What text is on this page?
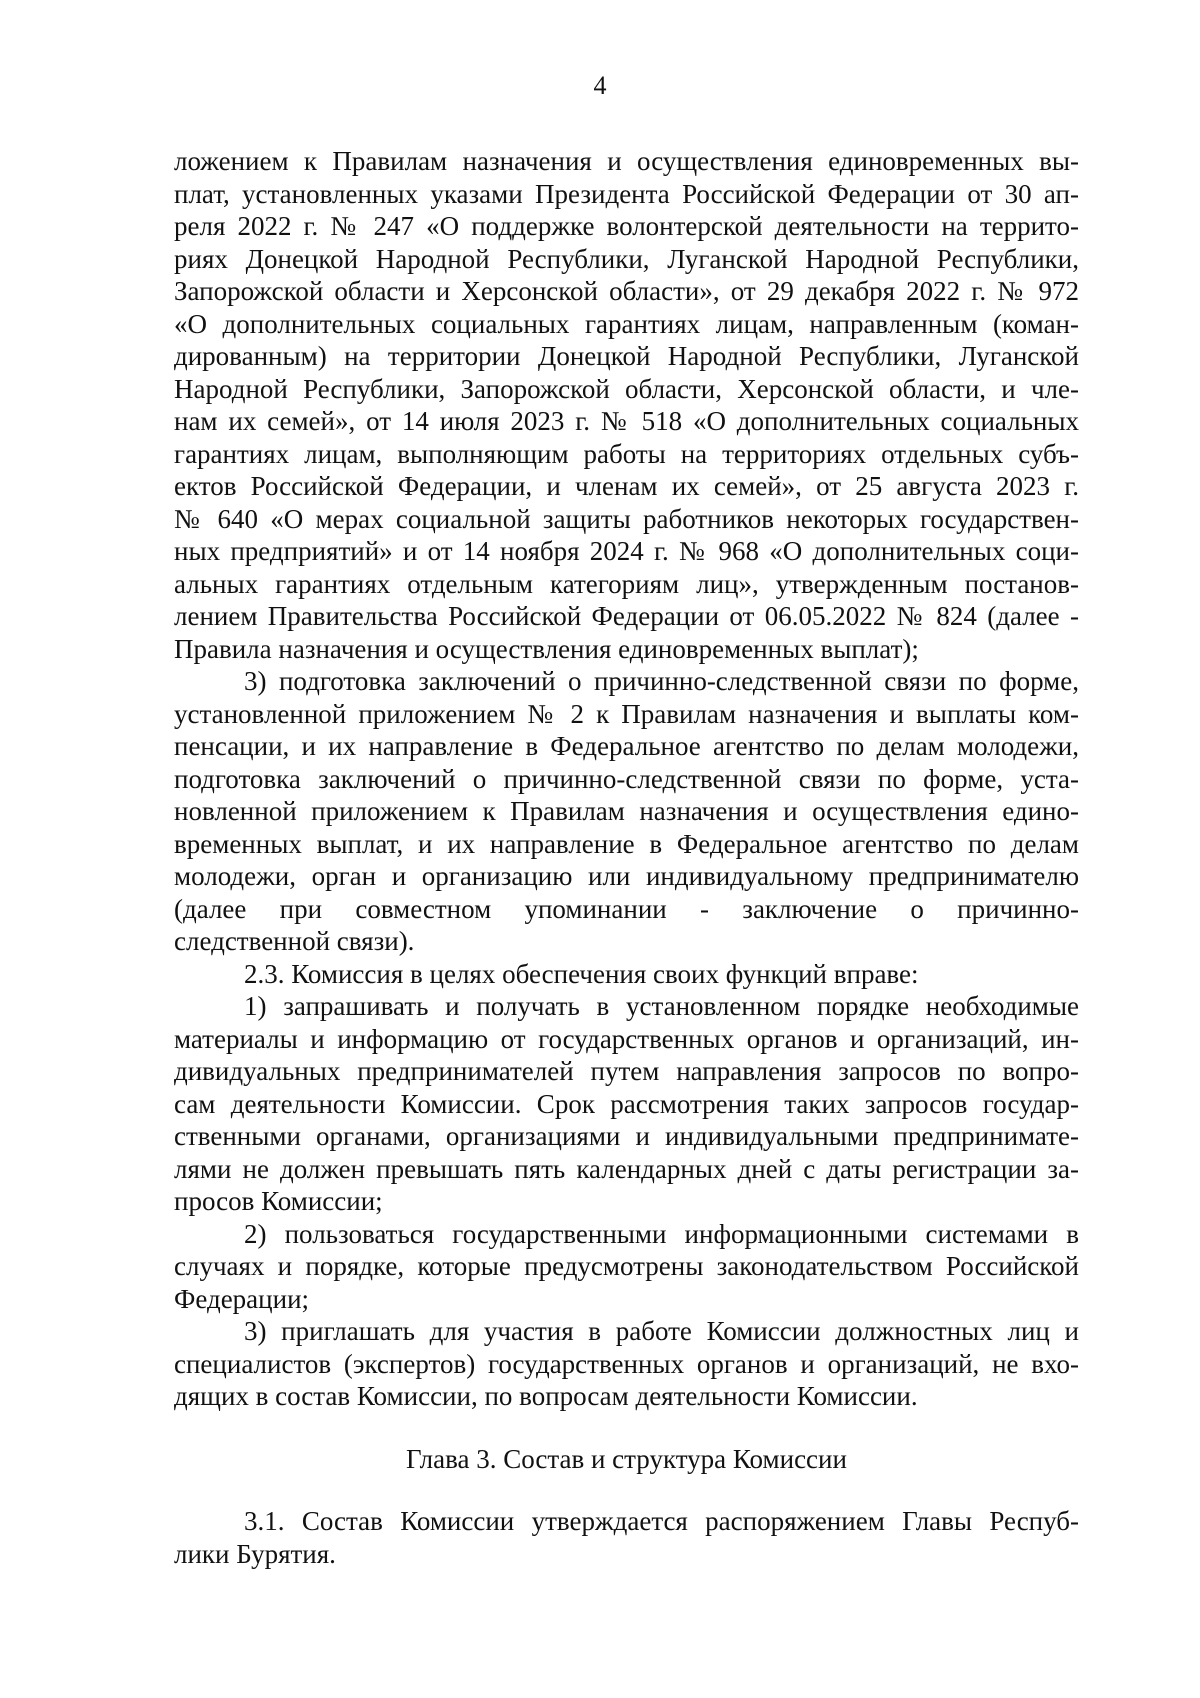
4
ложением к Правилам назначения и осуществления единовременных вы-
плат, установленных указами Президента Российской Федерации от 30 ап-
реля 2022 г. № 247 «О поддержке волонтерской деятельности на террито-
риях Донецкой Народной Республики, Луганской Народной Республики,
Запорожской области и Херсонской области», от 29 декабря 2022 г. № 972
«О дополнительных социальных гарантиях лицам, направленным (коман-
дированным) на территории Донецкой Народной Республики, Луганской
Народной Республики, Запорожской области, Херсонской области, и чле-
нам их семей», от 14 июля 2023 г. № 518 «О дополнительных социальных
гарантиях лицам, выполняющим работы на территориях отдельных субъ-
ектов Российской Федерации, и членам их семей», от 25 августа 2023 г.
№ 640 «О мерах социальной защиты работников некоторых государствен-
ных предприятий» и от 14 ноября 2024 г. № 968 «О дополнительных соци-
альных гарантиях отдельным категориям лиц», утвержденным постанов-
лением Правительства Российской Федерации от 06.05.2022 № 824 (далее -
Правила назначения и осуществления единовременных выплат);
3) подготовка заключений о причинно-следственной связи по форме,
установленной приложением № 2 к Правилам назначения и выплаты ком-
пенсации, и их направление в Федеральное агентство по делам молодежи,
подготовка заключений о причинно-следственной связи по форме, уста-
новленной приложением к Правилам назначения и осуществления едино-
временных выплат, и их направление в Федеральное агентство по делам
молодежи, орган и организацию или индивидуальному предпринимателю
(далее при совместном упоминании - заключение о причинно-
следственной связи).
2.3. Комиссия в целях обеспечения своих функций вправе:
1) запрашивать и получать в установленном порядке необходимые
материалы и информацию от государственных органов и организаций, ин-
дивидуальных предпринимателей путем направления запросов по вопро-
сам деятельности Комиссии. Срок рассмотрения таких запросов государ-
ственными органами, организациями и индивидуальными предпринимате-
лями не должен превышать пять календарных дней с даты регистрации за-
просов Комиссии;
2) пользоваться государственными информационными системами в
случаях и порядке, которые предусмотрены законодательством Российской
Федерации;
3) приглашать для участия в работе Комиссии должностных лиц и
специалистов (экспертов) государственных органов и организаций, не вхо-
дящих в состав Комиссии, по вопросам деятельности Комиссии.
Глава 3. Состав и структура Комиссии
3.1. Состав Комиссии утверждается распоряжением Главы Респуб-
лики Бурятия.
